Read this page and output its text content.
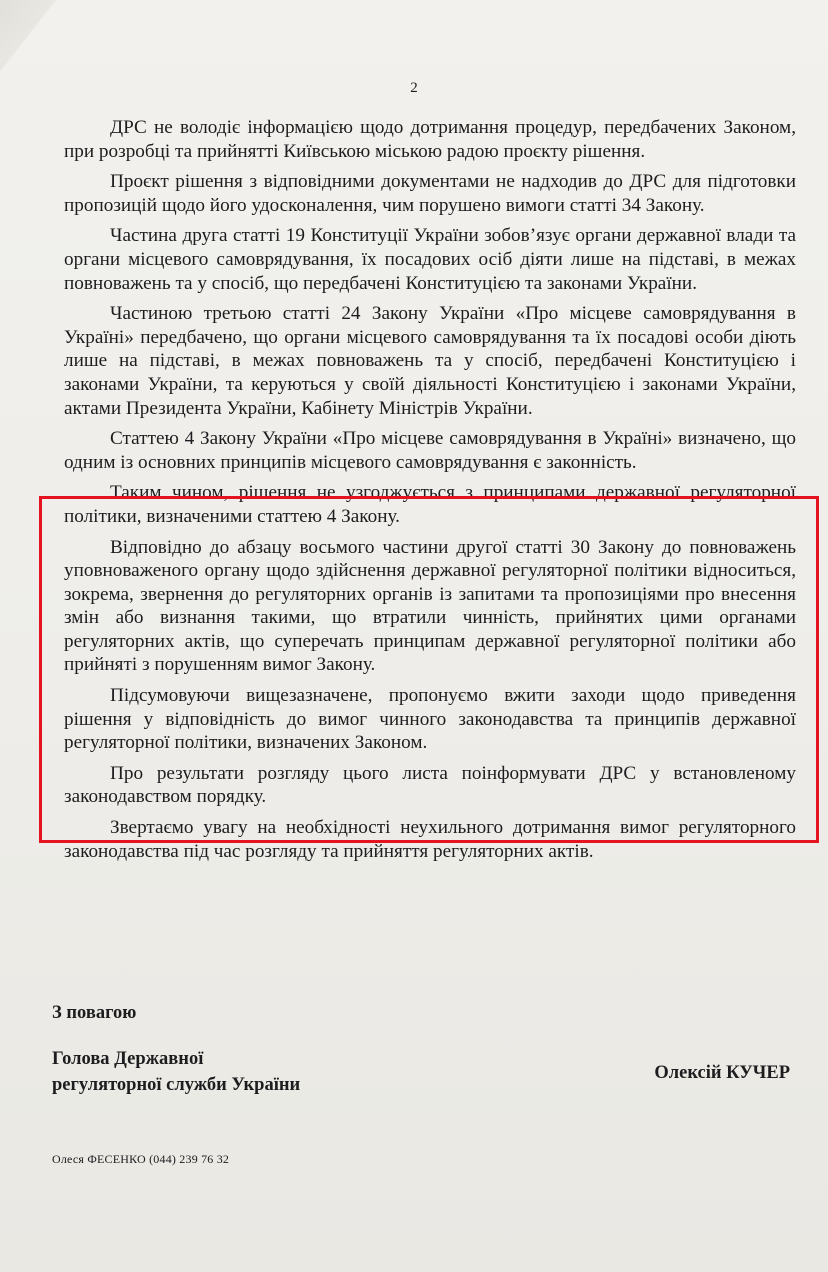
2

ДРС не володіє інформацією щодо дотримання процедур, передбачених Законом, при розробці та прийнятті Київською міською радою проєкту рішення.

Проєкт рішення з відповідними документами не надходив до ДРС для підготовки пропозицій щодо його удосконалення, чим порушено вимоги статті 34 Закону.

Частина друга статті 19 Конституції України зобов’язує органи державної влади та органи місцевого самоврядування, їх посадових осіб діяти лише на підставі, в межах повноважень та у спосіб, що передбачені Конституцією та законами України.

Частиною третьою статті 24 Закону України «Про місцеве самоврядування в Україні» передбачено, що органи місцевого самоврядування та їх посадові особи діють лише на підставі, в межах повноважень та у спосіб, передбачені Конституцією і законами України, та керуються у своїй діяльності Конституцією і законами України, актами Президента України, Кабінету Міністрів України.

Статтею 4 Закону України «Про місцеве самоврядування в Україні» визначено, що одним із основних принципів місцевого самоврядування є законність.

Таким чином, рішення не узгоджується з принципами державної регуляторної політики, визначеними статтею 4 Закону.

Відповідно до абзацу восьмого частини другої статті 30 Закону до повноважень уповноваженого органу щодо здійснення державної регуляторної політики відноситься, зокрема, звернення до регуляторних органів із запитами та пропозиціями про внесення змін або визнання такими, що втратили чинність, прийнятих цими органами регуляторних актів, що суперечать принципам державної регуляторної політики або прийняті з порушенням вимог Закону.

Підсумовуючи вищезазначене, пропонуємо вжити заходи щодо приведення рішення у відповідність до вимог чинного законодавства та принципів державної регуляторної політики, визначених Законом.

Про результати розгляду цього листа поінформувати ДРС у встановленому законодавством порядку.

Звертаємо увагу на необхідності неухильного дотримання вимог регуляторного законодавства під час розгляду та прийняття регуляторних актів.

З повагою

Голова Державної

регуляторної служби України

Олексій КУЧЕР
Олеся ФЕСЕНКО (044) 239 76 32
